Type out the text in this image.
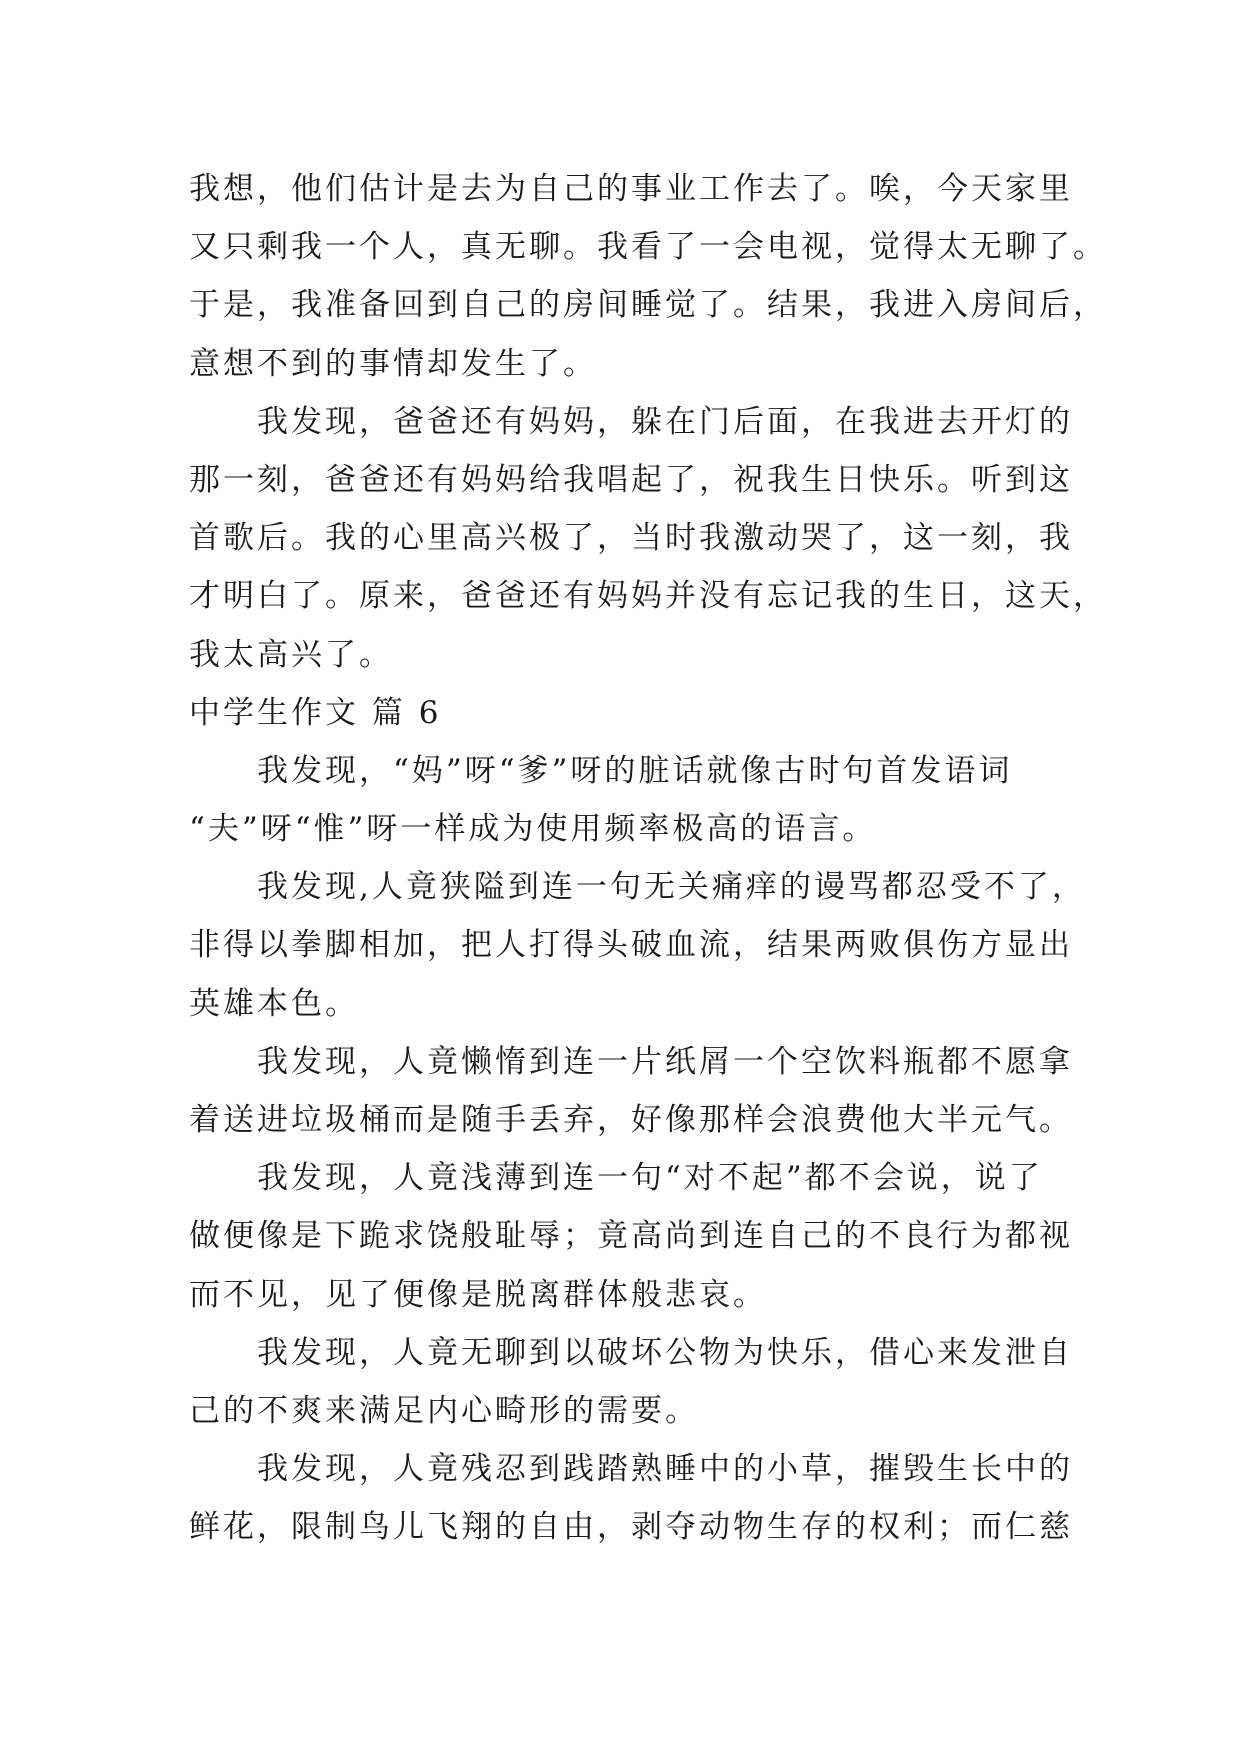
我想，他们估计是去为自己的事业工作去了。唉，今天家里
又只剩我一个人，真无聊。我看了一会电视，觉得太无聊了。
于是，我准备回到自己的房间睡觉了。结果，我进入房间后，
意想不到的事情却发生了。
我发现，爸爸还有妈妈，躲在门后面，在我进去开灯的
那一刻，爸爸还有妈妈给我唱起了，祝我生日快乐。听到这
首歌后。我的心里高兴极了，当时我激动哭了，这一刻，我
才明白了。原来，爸爸还有妈妈并没有忘记我的生日，这天，
我太高兴了。
中学生作文 篇 6
我发现，“妈”呀“爹”呀的脏话就像古时句首发语词
“夫”呀“惟”呀一样成为使用频率极高的语言。
我发现,人竟狭隘到连一句无关痛痒的谩骂都忍受不了，
非得以拳脚相加，把人打得头破血流，结果两败俱伤方显出
英雄本色。
我发现，人竟懒惰到连一片纸屑一个空饮料瓶都不愿拿
着送进垃圾桶而是随手丢弃，好像那样会浪费他大半元气。
我发现，人竟浅薄到连一句“对不起”都不会说，说了
做便像是下跪求饶般耻辱；竟高尚到连自己的不良行为都视
而不见，见了便像是脱离群体般悲哀。
我发现，人竟无聊到以破坏公物为快乐，借心来发泄自
己的不爽来满足内心畸形的需要。
我发现，人竟残忍到践踏熟睡中的小草，摧毁生长中的
鲜花，限制鸟儿飞翔的自由，剥夺动物生存的权利；而仁慈
